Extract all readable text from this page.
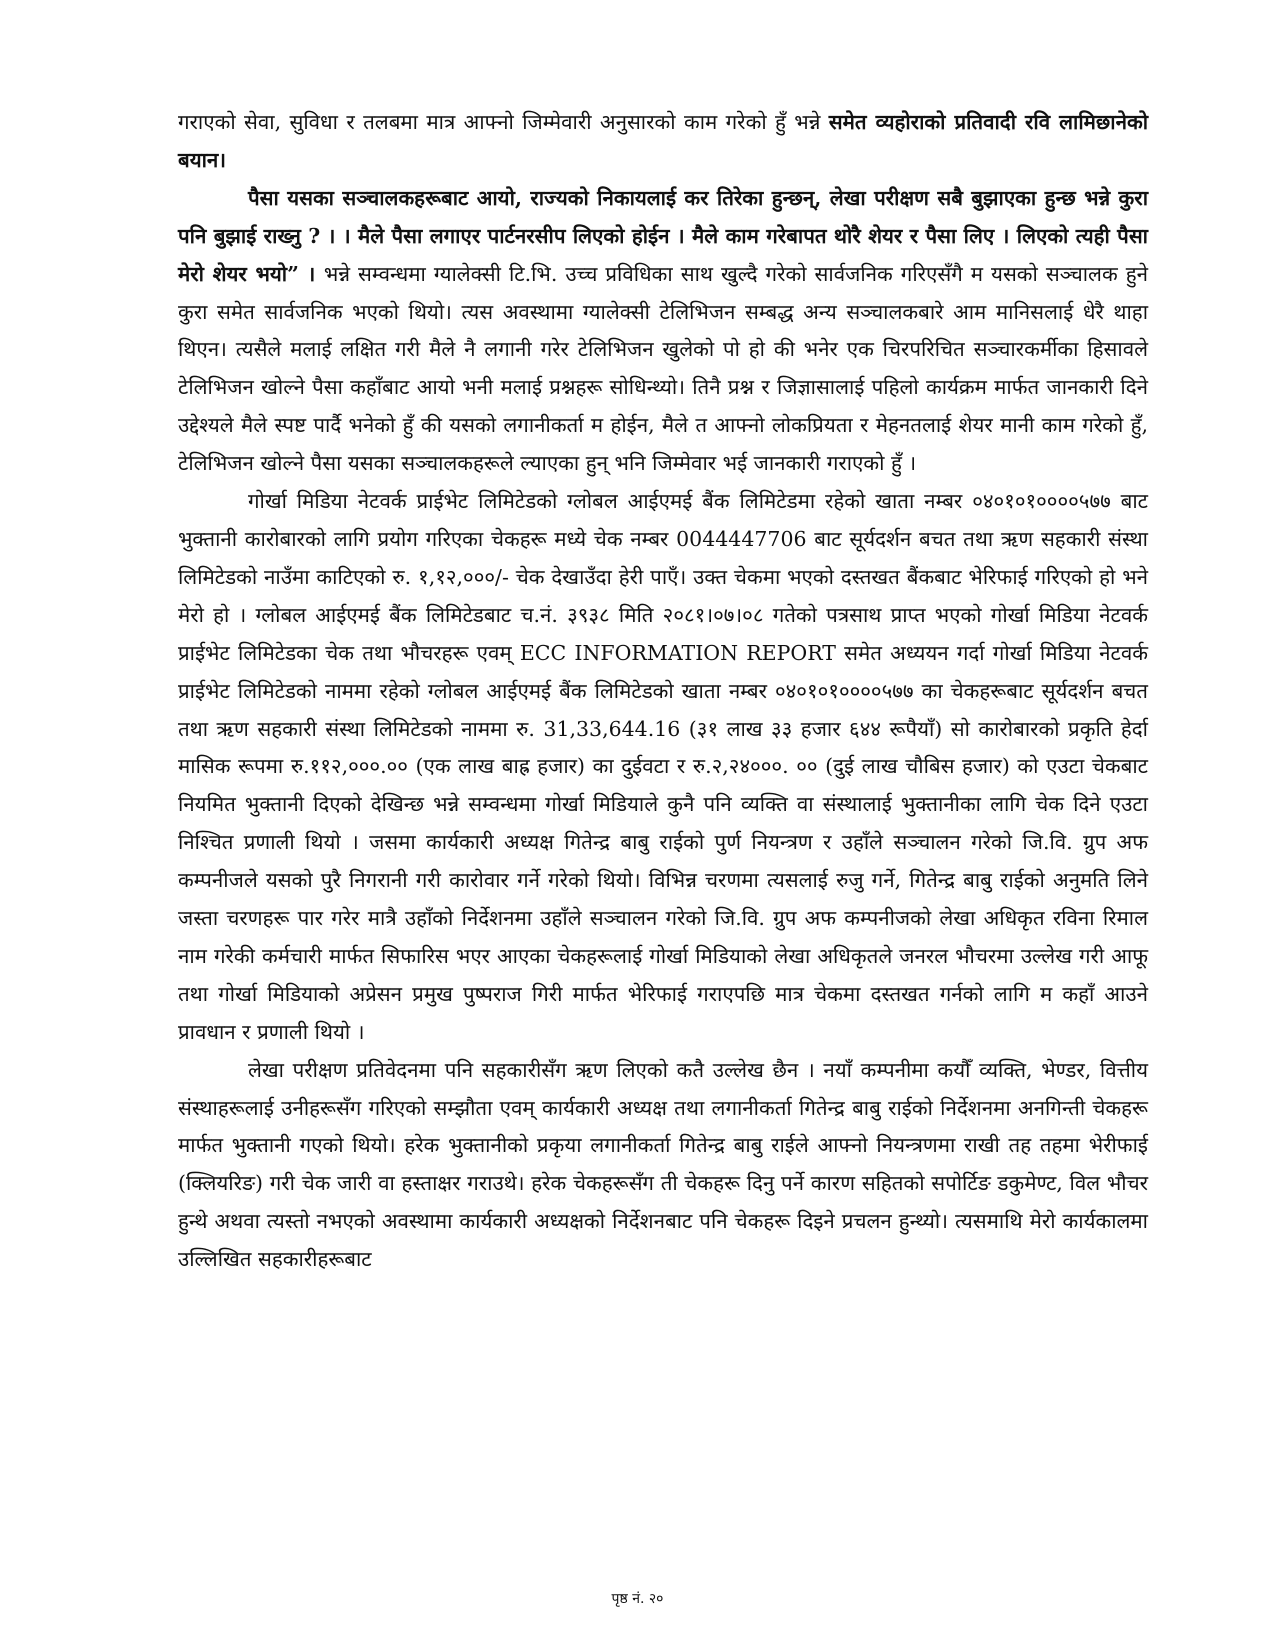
गराएको सेवा, सुविधा र तलबमा मात्र आफ्नो जिम्मेवारी अनुसारको काम गरेको हुँ भन्ने समेत व्यहोराको प्रतिवादी रवि लामिछानेको बयान।

पैसा यसका सञ्चालकहरूबाट आयो, राज्यको निकायलाई कर तिरेका हुन्छन्, लेखा परीक्षण सबै बुझाएका हुन्छ भन्ने कुरा पनि बुझाई राख्नु ? । । मैले पैसा लगाएर पार्टनरसीप लिएको होईन । मैले काम गरेबापत थोरै शेयर र पैसा लिए । लिएको त्यही पैसा मेरो शेयर भयो” । भन्ने सम्वन्धमा ग्यालेक्सी टि.भि. उच्च प्रविधिका साथ खुल्दै गरेको सार्वजनिक गरिएसँगै म यसको सञ्चालक हुने कुरा समेत सार्वजनिक भएको थियो। त्यस अवस्थामा ग्यालेक्सी टेलिभिजन सम्बद्ध अन्य सञ्चालकबारे आम मानिसलाई धेरै थाहा थिएन। त्यसैले मलाई लक्षित गरी मैले नै लगानी गरेर टेलिभिजन खुलेको पो हो की भनेर एक चिरपरिचित सञ्चारकर्मीका हिसावले टेलिभिजन खोल्ने पैसा कहाँबाट आयो भनी मलाई प्रश्नहरू सोधिन्थ्यो। तिनै प्रश्न र जिज्ञासालाई पहिलो कार्यक्रम मार्फत जानकारी दिने उद्देश्यले मैले स्पष्ट पार्दै भनेको हुँ की यसको लगानीकर्ता म होईन, मैले त आफ्नो लोकप्रियता र मेहनतलाई शेयर मानी काम गरेको हुँ, टेलिभिजन खोल्ने पैसा यसका सञ्चालकहरूले ल्याएका हुन् भनि जिम्मेवार भई जानकारी गराएको हुँ ।

गोर्खा मिडिया नेटवर्क प्राईभेट लिमिटेडको ग्लोबल आईएमई बैंक लिमिटेडमा रहेको खाता नम्बर ०४०१०१००००५७७ बाट भुक्तानी कारोबारको लागि प्रयोग गरिएका चेकहरू मध्ये चेक नम्बर 0044447706 बाट सूर्यदर्शन बचत तथा ऋण सहकारी संस्था लिमिटेडको नाउँमा काटिएको रु. १,१२,०००/- चेक देखाउँदा हेरी पाएँ। उक्त चेकमा भएको दस्तखत बैंकबाट भेरिफाई गरिएको हो भने मेरो हो । ग्लोबल आईएमई बैंक लिमिटेडबाट च.नं. ३९३८ मिति २०८१।०७।०८ गतेको पत्रसाथ प्राप्त भएको गोर्खा मिडिया नेटवर्क प्राईभेट लिमिटेडका चेक तथा भौचरहरू एवम् ECC INFORMATION REPORT समेत अध्ययन गर्दा गोर्खा मिडिया नेटवर्क प्राईभेट लिमिटेडको नाममा रहेको ग्लोबल आईएमई बैंक लिमिटेडको खाता नम्बर ०४०१०१००००५७७ का चेकहरूबाट सूर्यदर्शन बचत तथा ऋण सहकारी संस्था लिमिटेडको नाममा रु. 31,33,644.16 (३१ लाख ३३ हजार ६४४ रूपैयाँ) सो कारोबारको प्रकृति हेर्दा मासिक रूपमा रु.११२,०००.०० (एक लाख बाह्र हजार) का दुईवटा र रु.२,२४०००. ०० (दुई लाख चौबिस हजार) को एउटा चेकबाट नियमित भुक्तानी दिएको देखिन्छ भन्ने सम्वन्धमा गोर्खा मिडियाले कुनै पनि व्यक्ति वा संस्थालाई भुक्तानीका लागि चेक दिने एउटा निश्चित प्रणाली थियो । जसमा कार्यकारी अध्यक्ष गितेन्द्र बाबु राईको पुर्ण नियन्त्रण र उहाँले सञ्चालन गरेको जि.वि. ग्रुप अफ कम्पनीजले यसको पुरै निगरानी गरी कारोवार गर्ने गरेको थियो। विभिन्न चरणमा त्यसलाई रुजु गर्ने, गितेन्द्र बाबु राईको अनुमति लिने जस्ता चरणहरू पार गरेर मात्रै उहाँको निर्देशनमा उहाँले सञ्चालन गरेको जि.वि. ग्रुप अफ कम्पनीजको लेखा अधिकृत रविना रिमाल नाम गरेकी कर्मचारी मार्फत सिफारिस भएर आएका चेकहरूलाई गोर्खा मिडियाको लेखा अधिकृतले जनरल भौचरमा उल्लेख गरी आफू तथा गोर्खा मिडियाको अप्रेसन प्रमुख पुष्पराज गिरी मार्फत भेरिफाई गराएपछि मात्र चेकमा दस्तखत गर्नको लागि म कहाँ आउने प्रावधान र प्रणाली थियो ।

लेखा परीक्षण प्रतिवेदनमा पनि सहकारीसँग ऋण लिएको कतै उल्लेख छैन । नयाँ कम्पनीमा कयौँ व्यक्ति, भेण्डर, वित्तीय संस्थाहरूलाई उनीहरूसँग गरिएको सम्झौता एवम् कार्यकारी अध्यक्ष तथा लगानीकर्ता गितेन्द्र बाबु राईको निर्देशनमा अनगिन्ती चेकहरू मार्फत भुक्तानी गएको थियो। हरेक भुक्तानीको प्रकृया लगानीकर्ता गितेन्द्र बाबु राईले आफ्नो नियन्त्रणमा राखी तह तहमा भेरीफाई (क्लियरिङ) गरी चेक जारी वा हस्ताक्षर गराउथे। हरेक चेकहरूसँग ती चेकहरू दिनु पर्ने कारण सहितको सपोर्टिङ डकुमेण्ट, विल भौचर हुन्थे अथवा त्यस्तो नभएको अवस्थामा कार्यकारी अध्यक्षको निर्देशनबाट पनि चेकहरू दिइने प्रचलन हुन्थ्यो। त्यसमाथि मेरो कार्यकालमा उल्लिखित सहकारीहरूबाट

पृष्ठ नं. २०
